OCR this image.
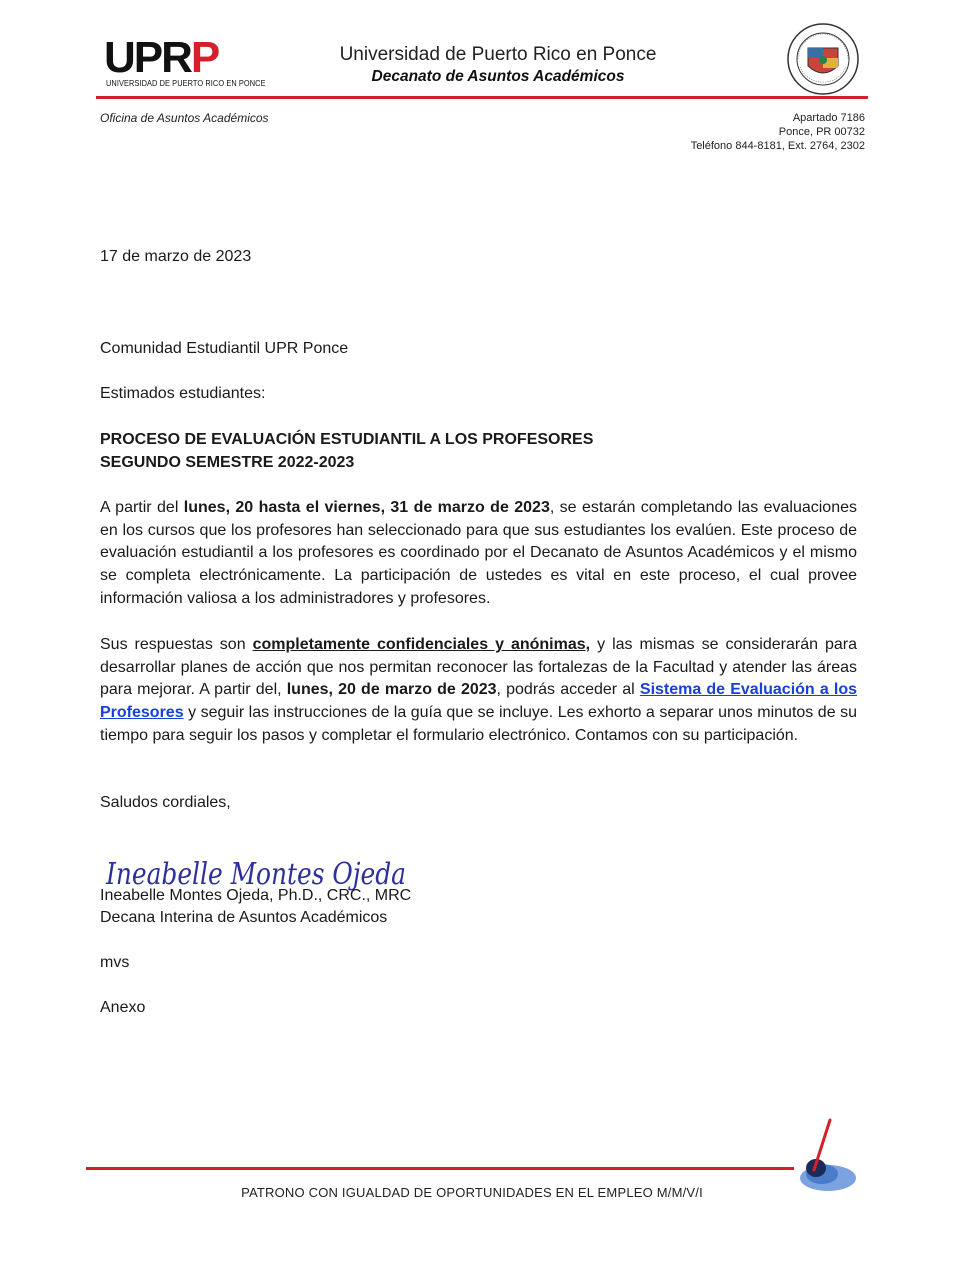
UPRP
UNIVERSIDAD DE PUERTO RICO EN PONCE
Universidad de Puerto Rico en Ponce
Decanato de Asuntos Académicos
Oficina de Asuntos Académicos	Apartado 7186
Ponce, PR 00732
Teléfono 844-8181, Ext. 2764, 2302
17 de marzo de 2023
Comunidad Estudiantil UPR Ponce
Estimados estudiantes:
PROCESO DE EVALUACIÓN ESTUDIANTIL A LOS PROFESORES
SEGUNDO SEMESTRE 2022-2023
A partir del lunes, 20 hasta el viernes, 31 de marzo de 2023, se estarán completando las evaluaciones en los cursos que los profesores han seleccionado para que sus estudiantes los evalúen. Este proceso de evaluación estudiantil a los profesores es coordinado por el Decanato de Asuntos Académicos y el mismo se completa electrónicamente. La participación de ustedes es vital en este proceso, el cual provee información valiosa a los administradores y profesores.
Sus respuestas son completamente confidenciales y anónimas, y las mismas se considerarán para desarrollar planes de acción que nos permitan reconocer las fortalezas de la Facultad y atender las áreas para mejorar. A partir del, lunes, 20 de marzo de 2023, podrás acceder al Sistema de Evaluación a los Profesores y seguir las instrucciones de la guía que se incluye. Les exhorto a separar unos minutos de su tiempo para seguir los pasos y completar el formulario electrónico. Contamos con su participación.
Saludos cordiales,
Ineabelle Montes Ojeda
Ineabelle Montes Ojeda, Ph.D., CRC., MRC
Decana Interina de Asuntos Académicos
mvs
Anexo
PATRONO CON IGUALDAD DE OPORTUNIDADES EN EL EMPLEO M/M/V/I
